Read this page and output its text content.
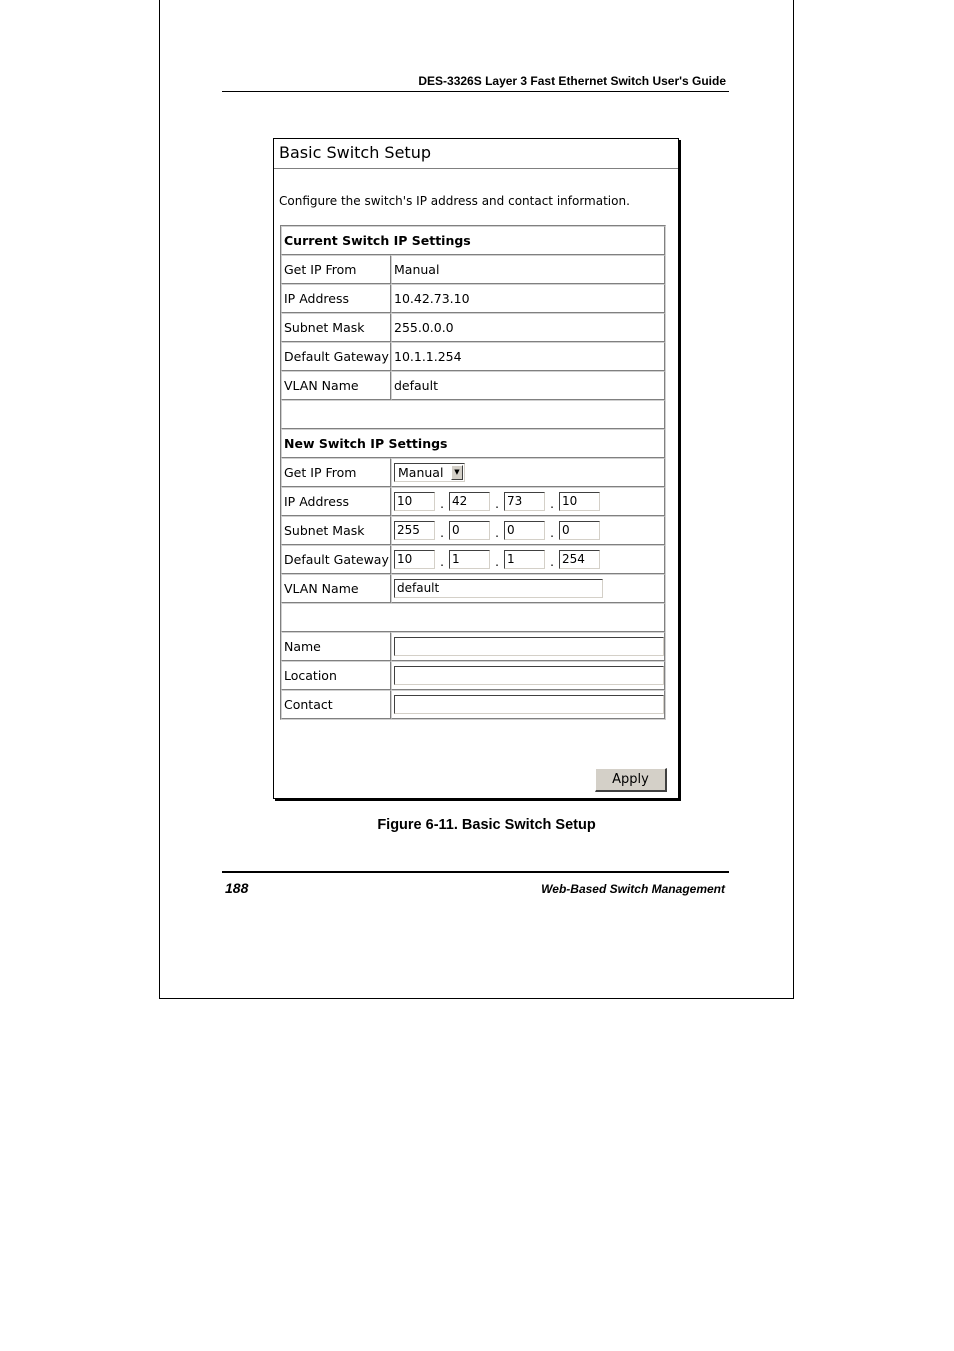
DES-3326S Layer 3 Fast Ethernet Switch User's Guide
Basic Switch Setup
Configure the switch's IP address and contact information.
Current Switch IP Settings	
Get IP From	Manual
IP Address	10.42.73.10
Subnet Mask	255.0.0.0
Default Gateway	10.1.1.254
VLAN Name	default

New Switch IP Settings	
Get IP From	Manual ▼

IP Address	10 . 42 . 73 . 10
Subnet Mask	255 . 0 . 0 . 0
Default Gateway	10 . 1 . 1 . 254
VLAN Name	default

Name	
Location	
Contact	
Apply
Figure 6-11. Basic Switch Setup
188	Web-Based Switch Management
